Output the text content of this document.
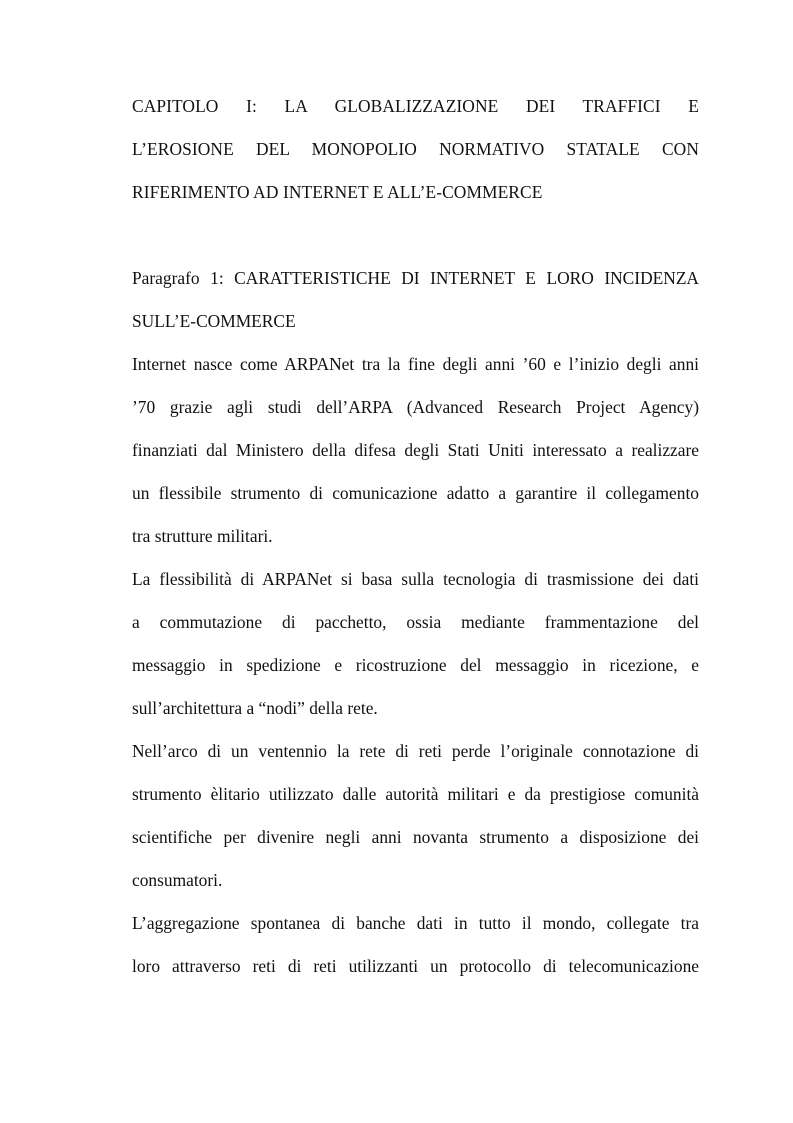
CAPITOLO I: LA GLOBALIZZAZIONE DEI TRAFFICI E
L’EROSIONE DEL MONOPOLIO NORMATIVO STATALE CON
RIFERIMENTO AD INTERNET E ALL’E-COMMERCE
Paragrafo 1: CARATTERISTICHE DI INTERNET E LORO INCIDENZA
SULL’E-COMMERCE
Internet nasce come ARPANet tra la fine degli anni ’60 e l’inizio degli anni
’70 grazie agli studi dell’ARPA (Advanced Research Project Agency)
finanziati dal Ministero della difesa degli Stati Uniti interessato a realizzare
un flessibile strumento di comunicazione adatto a garantire il collegamento
tra strutture militari.
La flessibilità di ARPANet si basa sulla tecnologia di trasmissione dei dati
a commutazione di pacchetto, ossia mediante frammentazione del
messaggio in spedizione e ricostruzione del messaggio in ricezione, e
sull’architettura a “nodi” della rete.
Nell’arco di un ventennio la rete di reti perde l’originale connotazione di
strumento èlitario utilizzato dalle autorità militari e da prestigiose comunità
scientifiche per divenire negli anni novanta strumento a disposizione dei
consumatori.
L’aggregazione spontanea di banche dati in tutto il mondo, collegate tra
loro attraverso reti di reti utilizzanti un protocollo di telecomunicazione
